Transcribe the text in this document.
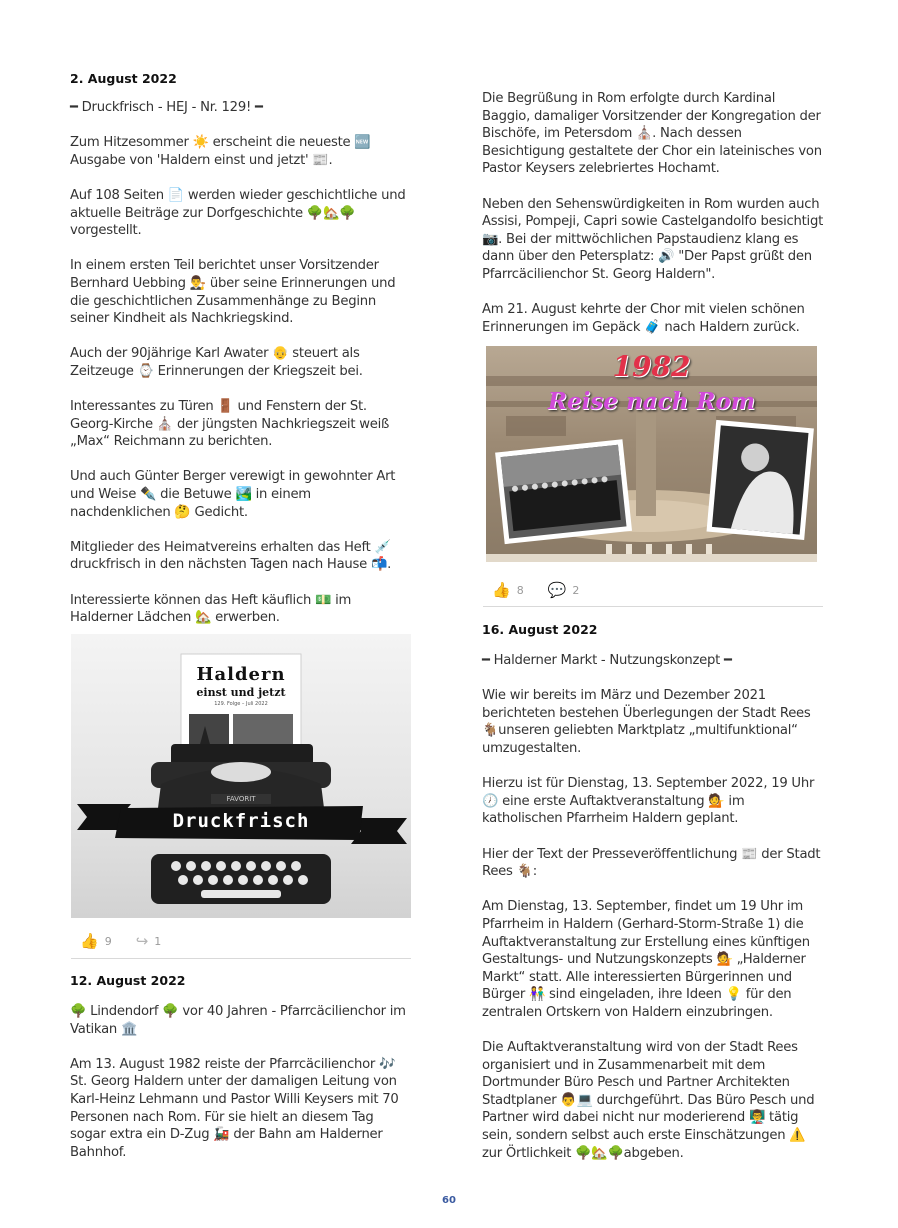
2. August 2022

━ Druckfrisch - HEJ - Nr. 129! ━

Zum Hitzesommer ☀️ erscheint die neueste 🆕 Ausgabe von 'Haldern einst und jetzt' 📰.

Auf 108 Seiten 📄 werden wieder geschichtliche und aktuelle Beiträge zur Dorfgeschichte 🌳🏡🌳 vorgestellt.

In einem ersten Teil berichtet unser Vorsitzender Bernhard Uebbing 👨‍⚖️ über seine Erinnerungen und die geschichtlichen Zusammenhänge zu Beginn seiner Kindheit als Nachkriegskind.

Auch der 90jährige Karl Awater 👴 steuert als Zeitzeuge ⌚ Erinnerungen der Kriegszeit bei.

Interessantes zu Türen 🚪 und Fenstern der St. Georg-Kirche ⛪ der jüngsten Nachkriegszeit weiß „Max“ Reichmann zu berichten.

Und auch Günter Berger verewigt in gewohnter Art und Weise ✒️ die Betuwe 🏞️ in einem nachdenklichen 🤔 Gedicht.

Mitglieder des Heimatvereins erhalten das Heft 💉 druckfrisch in den nächsten Tagen nach Hause 📬.

Interessierte können das Heft käuflich 💵 im Halderner Lädchen 🏡 erwerben.

Haldern
einst und jetzt
129. Folge – Juli 2022
FAVORIT
Druckfrisch
👍 9 ↪ 1

12. August 2022

🌳 Lindendorf 🌳 vor 40 Jahren - Pfarrcäcilienchor im Vatikan 🏛️

Am 13. August 1982 reiste der Pfarrcäcilienchor 🎶 St. Georg Haldern unter der damaligen Leitung von Karl-Heinz Lehmann und Pastor Willi Keysers mit 70 Personen nach Rom. Für sie hielt an diesem Tag sogar extra ein D-Zug 🚂 der Bahn am Halderner Bahnhof.

Die Begrüßung in Rom erfolgte durch Kardinal Baggio, damaliger Vorsitzender der Kongregation der Bischöfe, im Petersdom ⛪. Nach dessen Besichtigung gestaltete der Chor ein lateinisches von Pastor Keysers zelebriertes Hochamt.

Neben den Sehenswürdigkeiten in Rom wurden auch Assisi, Pompeji, Capri sowie Castelgandolfo besichtigt 📷. Bei der mittwöchlichen Papstaudienz klang es dann über den Petersplatz: 🔊 "Der Papst grüßt den Pfarrcäcilienchor St. Georg Haldern".

Am 21. August kehrte der Chor mit vielen schönen Erinnerungen im Gepäck 🧳 nach Haldern zurück.

1982
Reise nach Rom
👍 8 💬 2

16. August 2022

━ Halderner Markt - Nutzungskonzept ━

Wie wir bereits im März und Dezember 2021 berichteten bestehen Überlegungen der Stadt Rees 🐐unseren geliebten Marktplatz „multifunktional“ umzugestalten.

Hierzu ist für Dienstag, 13. September 2022, 19 Uhr 🕖 eine erste Auftaktveranstaltung 💁 im katholischen Pfarrheim Haldern geplant.

Hier der Text der Presseveröffentlichung 📰 der Stadt Rees 🐐:

Am Dienstag, 13. September, findet um 19 Uhr im Pfarrheim in Haldern (Gerhard-Storm-Straße 1) die Auftaktveranstaltung zur Erstellung eines künftigen Gestaltungs- und Nutzungskonzepts 💁 „Halderner Markt“ statt. Alle interessierten Bürgerinnen und Bürger 👫 sind eingeladen, ihre Ideen 💡 für den zentralen Ortskern von Haldern einzubringen.

Die Auftaktveranstaltung wird von der Stadt Rees organisiert und in Zusammenarbeit mit dem Dortmunder Büro Pesch und Partner Architekten Stadtplaner 👨💻 durchgeführt. Das Büro Pesch und Partner wird dabei nicht nur moderierend 👨‍🏫 tätig sein, sondern selbst auch erste Einschätzungen ⚠️ zur Örtlichkeit 🌳🏡🌳abgeben.

60
